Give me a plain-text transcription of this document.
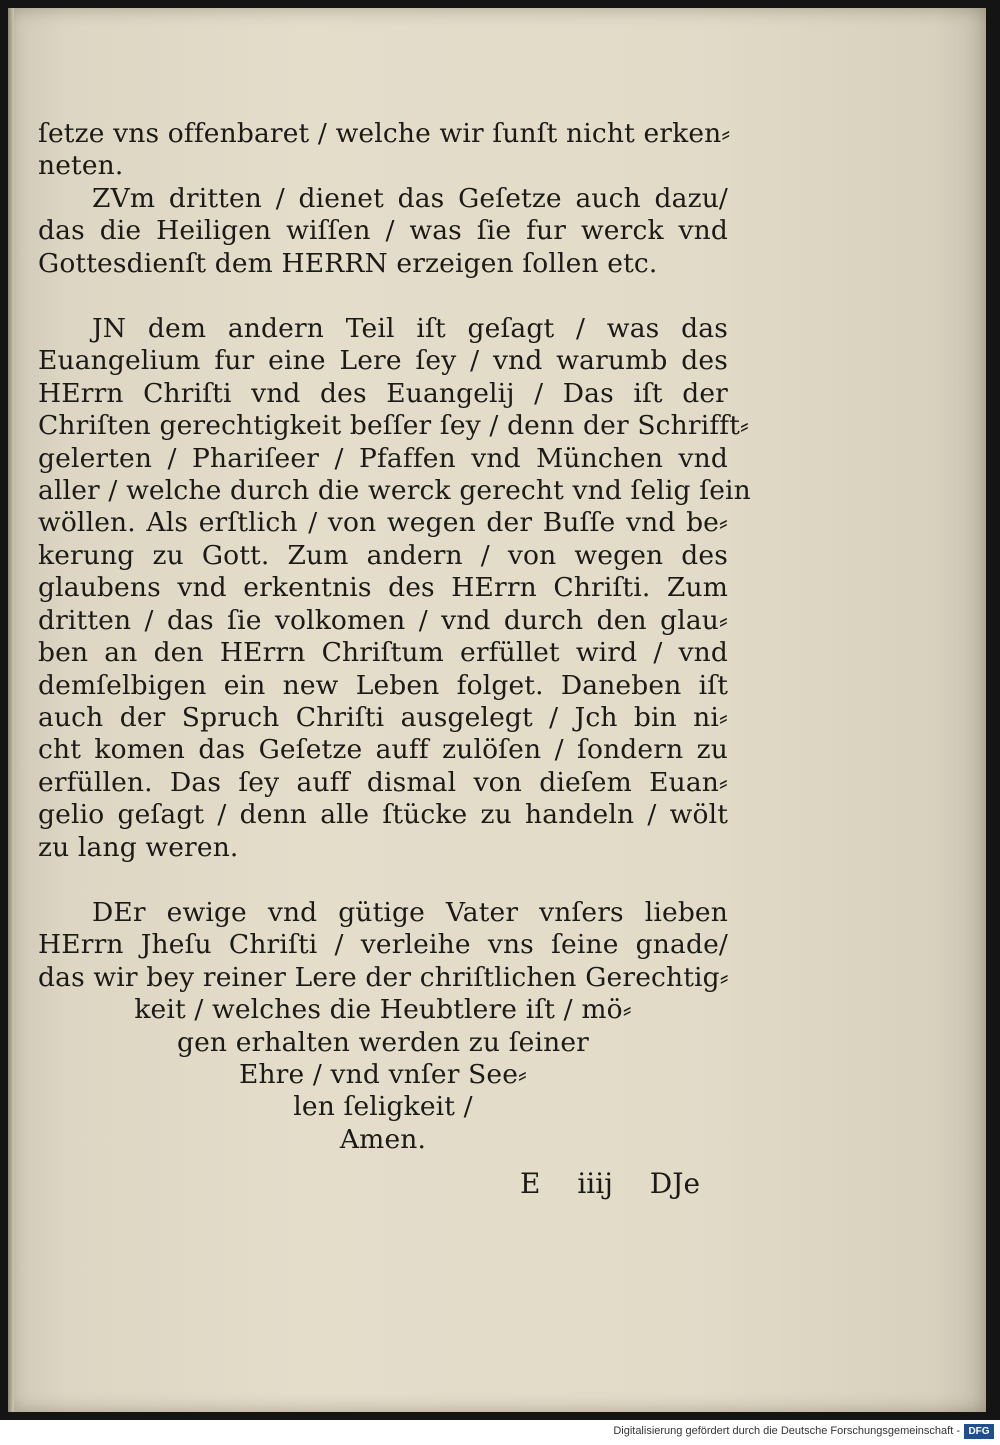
ſetze vns offenbaret / welche wir ſunſt nicht erken⸗
neten.
ZVm dritten / dienet das Geſetze auch dazu/
das die Heiligen wiſſen / was ſie fur werck vnd
Gottesdienſt dem HERRN erzeigen ſollen etc.
JN dem andern Teil iſt geſagt / was das
Euangelium fur eine Lere ſey / vnd warumb des
HErrn Chriſti vnd des Euangelij / Das iſt der
Chriſten gerechtigkeit beſſer ſey / denn der Schrifft⸗
gelerten / Phariſeer / Pfaffen vnd München vnd
aller / welche durch die werck gerecht vnd ſelig ſein
wöllen. Als erſtlich / von wegen der Buſſe vnd be⸗
kerung zu Gott. Zum andern / von wegen des
glaubens vnd erkentnis des HErrn Chriſti. Zum
dritten / das ſie volkomen / vnd durch den glau⸗
ben an den HErrn Chriſtum erfüllet wird / vnd
demſelbigen ein new Leben folget. Daneben iſt
auch der Spruch Chriſti ausgelegt / Jch bin ni⸗
cht komen das Geſetze auff zulöſen / ſondern zu
erfüllen. Das ſey auff dismal von dieſem Euan⸗
gelio geſagt / denn alle ſtücke zu handeln / wölt
zu lang weren.
DEr ewige vnd gütige Vater vnſers lieben
HErrn Jheſu Chriſti / verleihe vns ſeine gnade/
das wir bey reiner Lere der chriſtlichen Gerechtig⸗
keit / welches die Heubtlere iſt / mö⸗
gen erhalten werden zu ſeiner
Ehre / vnd vnſer See⸗
len ſeligkeit /
Amen.
E iiij DJe
Digitalisierung gefördert durch die Deutsche Forschungsgemeinschaft - DFG
